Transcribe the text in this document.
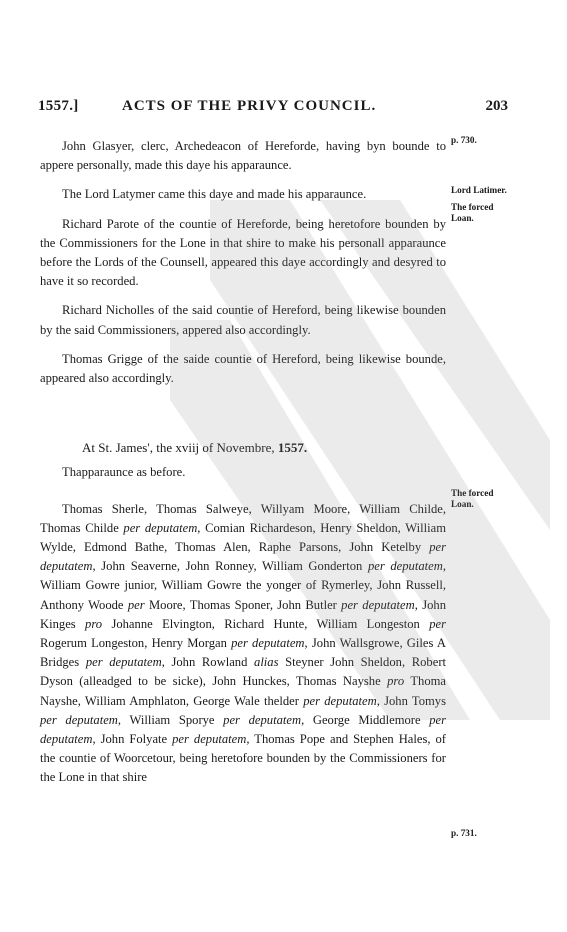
1557.]	ACTS OF THE PRIVY COUNCIL.	203

John Glasyer, clerc, Archedeacon of Hereforde, having byn bounde to appere personally, made this daye his apparaunce.

The Lord Latymer came this daye and made his apparaunce.

Richard Parote of the countie of Hereforde, being heretofore bounden by the Commissioners for the Lone in that shire to make his personall apparaunce before the Lords of the Counsell, appeared this daye accordingly and desyred to have it so recorded.

Richard Nicholles of the said countie of Hereford, being likewise bounden by the said Commissioners, appered also accordingly.

Thomas Grigge of the saide countie of Hereford, being likewise bounde, appeared also accordingly.

At St. James', the xviij of Novembre, 1557.

Thapparaunce as before.

Thomas Sherle, Thomas Salweye, Willyam Moore, William Childe, Thomas Childe per deputatem, Comian Richardeson, Henry Sheldon, William Wylde, Edmond Bathe, Thomas Alen, Raphe Parsons, John Ketelby per deputatem, John Seaverne, John Ronney, William Gonderton per deputatem, William Gowre junior, William Gowre the yonger of Rymerley, John Russell, Anthony Woode per Moore, Thomas Sponer, John Butler per deputatem, John Kinges pro Johanne Elvington, Richard Hunte, William Longeston per Rogerum Longeston, Henry Morgan per deputatem, John Wallsgrowe, Giles A Bridges per deputatem, John Rowland alias Steyner John Sheldon, Robert Dyson (alleadged to be sicke), John Hunckes, Thomas Nayshe pro Thoma Nayshe, William Amphlaton, George Wale thelder per deputatem, John Tomys per deputatem, William Sporye per deputatem, George Middlemore per deputatem, John Folyate per deputatem, Thomas Pope and Stephen Hales, of the countie of Woorcetour, being heretofore bounden by the Commissioners for the Lone in that shire

p. 730.
Lord Latimer.
The forced Loan.
The forced Loan.
p. 731.
